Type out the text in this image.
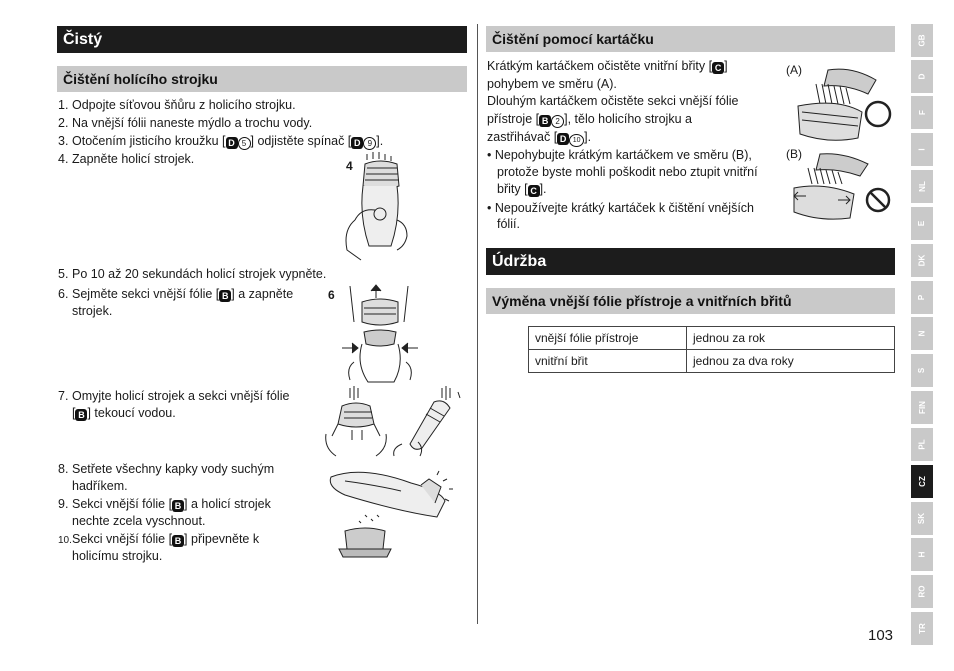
Čistý
Čištění holícího strojku
1. Odpojte síťovou šňůru z holicího strojku.
2. Na vnější fólii naneste mýdlo a trochu vody.
3. Otočením jisticího kroužku [ D 5 ] odjistěte spínač [ D 9 ].
4. Zapněte holicí strojek.	4
5. Po 10 až 20 sekundách holicí strojek vypněte.
6. Sejměte sekci vnější fólie [ B ] a zapněte
strojek.
6
7. Omyjte holicí strojek a sekci vnější fólie
[ B ] tekoucí vodou.
8. Setřete všechny kapky vody suchým
hadříkem.
9. Sekci vnější fólie [ B ] a holicí strojek
nechte zcela vyschnout.
10.Sekci vnější fólie [ B ] připevněte k
holicímu strojku.
Čištění pomocí kartáčku
Krátkým kartáčkem očistěte vnitřní břity [ C ]
pohybem ve směru (A).
Dlouhým kartáčkem očistěte sekci vnější fólie
přístroje [ B 2 ], tělo holicího strojku a
zastřihávač [ D 10 ].
• Nepohybujte krátkým kartáčkem ve směru (B),
protože byste mohli poškodit nebo ztupit vnitřní
břity [ C ].
• Nepoužívejte krátký kartáček k čištění vnějších
fólií.
(A)
(B)
Údržba
Výměna vnější fólie přístroje a vnitřních břitů
vnější fólie přístroje	jednou za rok
vnitřní břit	jednou za dva roky
GB
D
F
I
NL
E
DK
P
N
S
FIN
PL
CZ
SK
H
RO
TR
103
